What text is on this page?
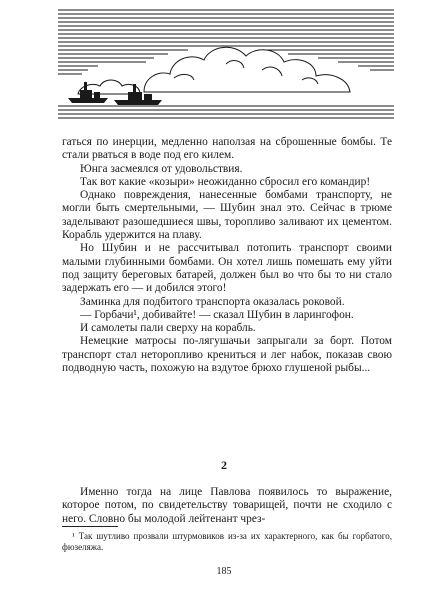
гаться по инерции, медленно наползая на сброшенные бомбы. Те стали рваться в воде под его килем.

Юнга засмеялся от удовольствия.

Так вот какие «козыри» неожиданно сбросил его командир!

Однако повреждения, нанесенные бомбами транспорту, не могли быть смертельными, — Шубин знал это. Сейчас в трюме заделывают разошедшиеся швы, торопливо заливают их цементом. Корабль удержится на плаву.

Но Шубин и не рассчитывал потопить транспорт своими малыми глубинными бомбами. Он хотел лишь помешать ему уйти под защиту береговых батарей, должен был во что бы то ни стало задержать его — и добился этого!

Заминка для подбитого транспорта оказалась роковой.

— Горбачи¹, добивайте! — сказал Шубин в ларингофон.

И самолеты пали сверху на корабль.

Немецкие матросы по-лягушачьи запрыгали за борт. Потом транспорт стал неторопливо крениться и лег набок, показав свою подводную часть, похожую на вздутое брюхо глушеной рыбы...

2

Именно тогда на лице Павлова появилось то выражение, которое потом, по свидетельству товарищей, почти не сходило с него. Словно бы молодой лейтенант чрез-

¹ Так шутливо прозвали штурмовиков из-за их характерного, как бы горбатого, фюзеляжа.
185
